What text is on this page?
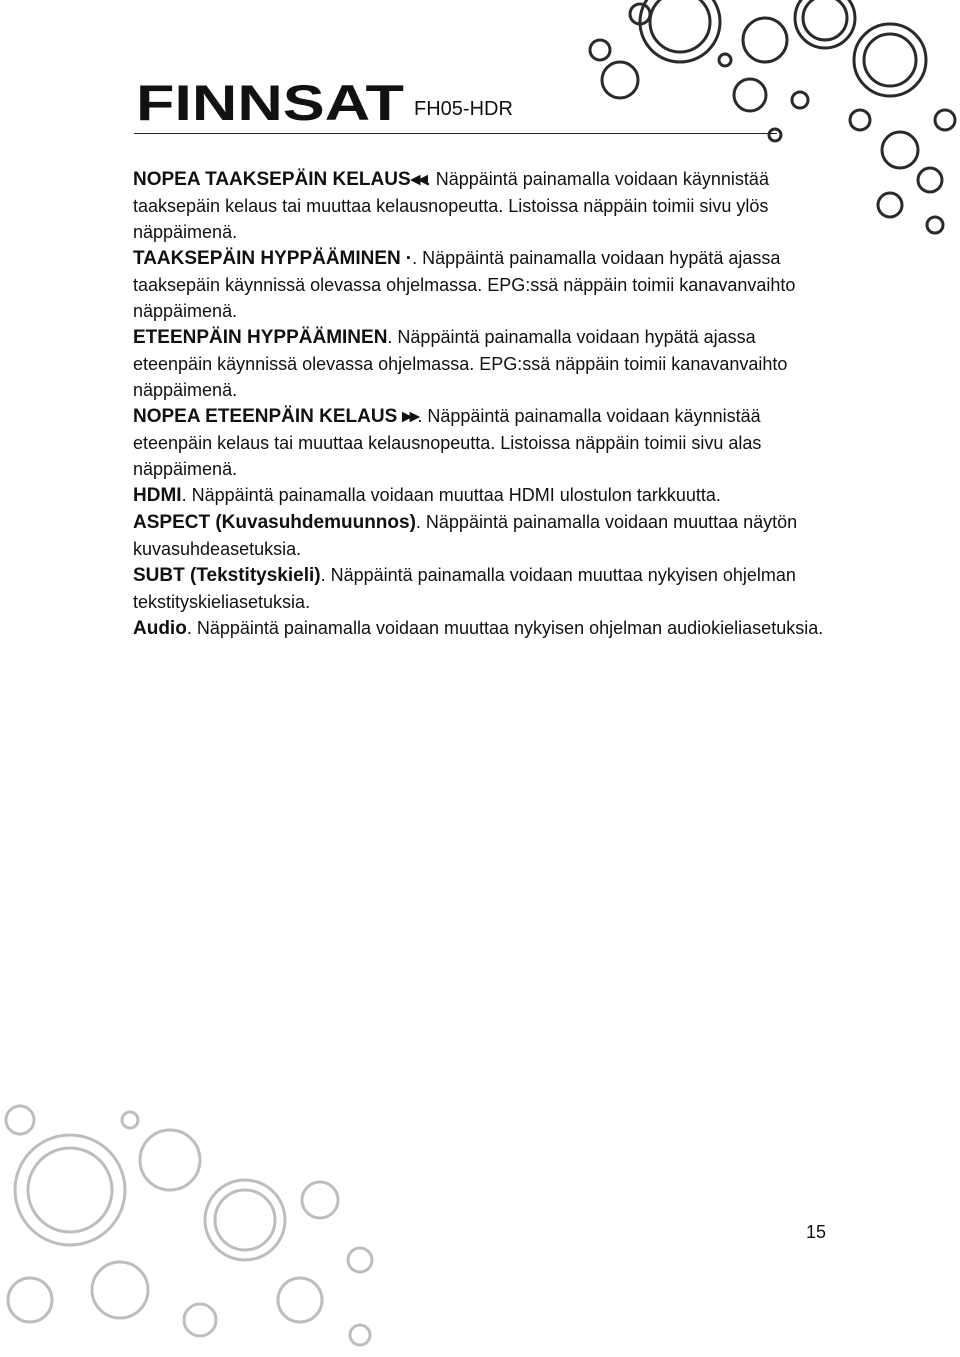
FINNSAT FH05-HDR

NOPEA TAAKSEPÄIN KELAUS◂◂. Näppäintä painamalla voidaan käynnistää taaksepäin kelaus tai muuttaa kelausnopeutta. Listoissa näppäin toimii sivu ylös näppäimenä.

TAAKSEPÄIN HYPPÄÄMINEN ·. Näppäintä painamalla voidaan hypätä ajassa taaksepäin käynnissä olevassa ohjelmassa. EPG:ssä näppäin toimii kanavanvaihto näppäimenä.

ETEENPÄIN HYPPÄÄMINEN. Näppäintä painamalla voidaan hypätä ajassa eteenpäin käynnissä olevassa ohjelmassa. EPG:ssä näppäin toimii kanavanvaihto näppäimenä.

NOPEA ETEENPÄIN KELAUS ▸▸. Näppäintä painamalla voidaan käynnistää eteenpäin kelaus tai muuttaa kelausnopeutta. Listoissa näppäin toimii sivu alas näppäimenä.

HDMI. Näppäintä painamalla voidaan muuttaa HDMI ulostulon tarkkuutta.

ASPECT (Kuvasuhdemuunnos). Näppäintä painamalla voidaan muuttaa näytön kuvasuhdeasetuksia.

SUBT (Tekstityskieli). Näppäintä painamalla voidaan muuttaa nykyisen ohjelman tekstityskieliasetuksia.

Audio. Näppäintä painamalla voidaan muuttaa nykyisen ohjelman audiokieliasetuksia.

15
